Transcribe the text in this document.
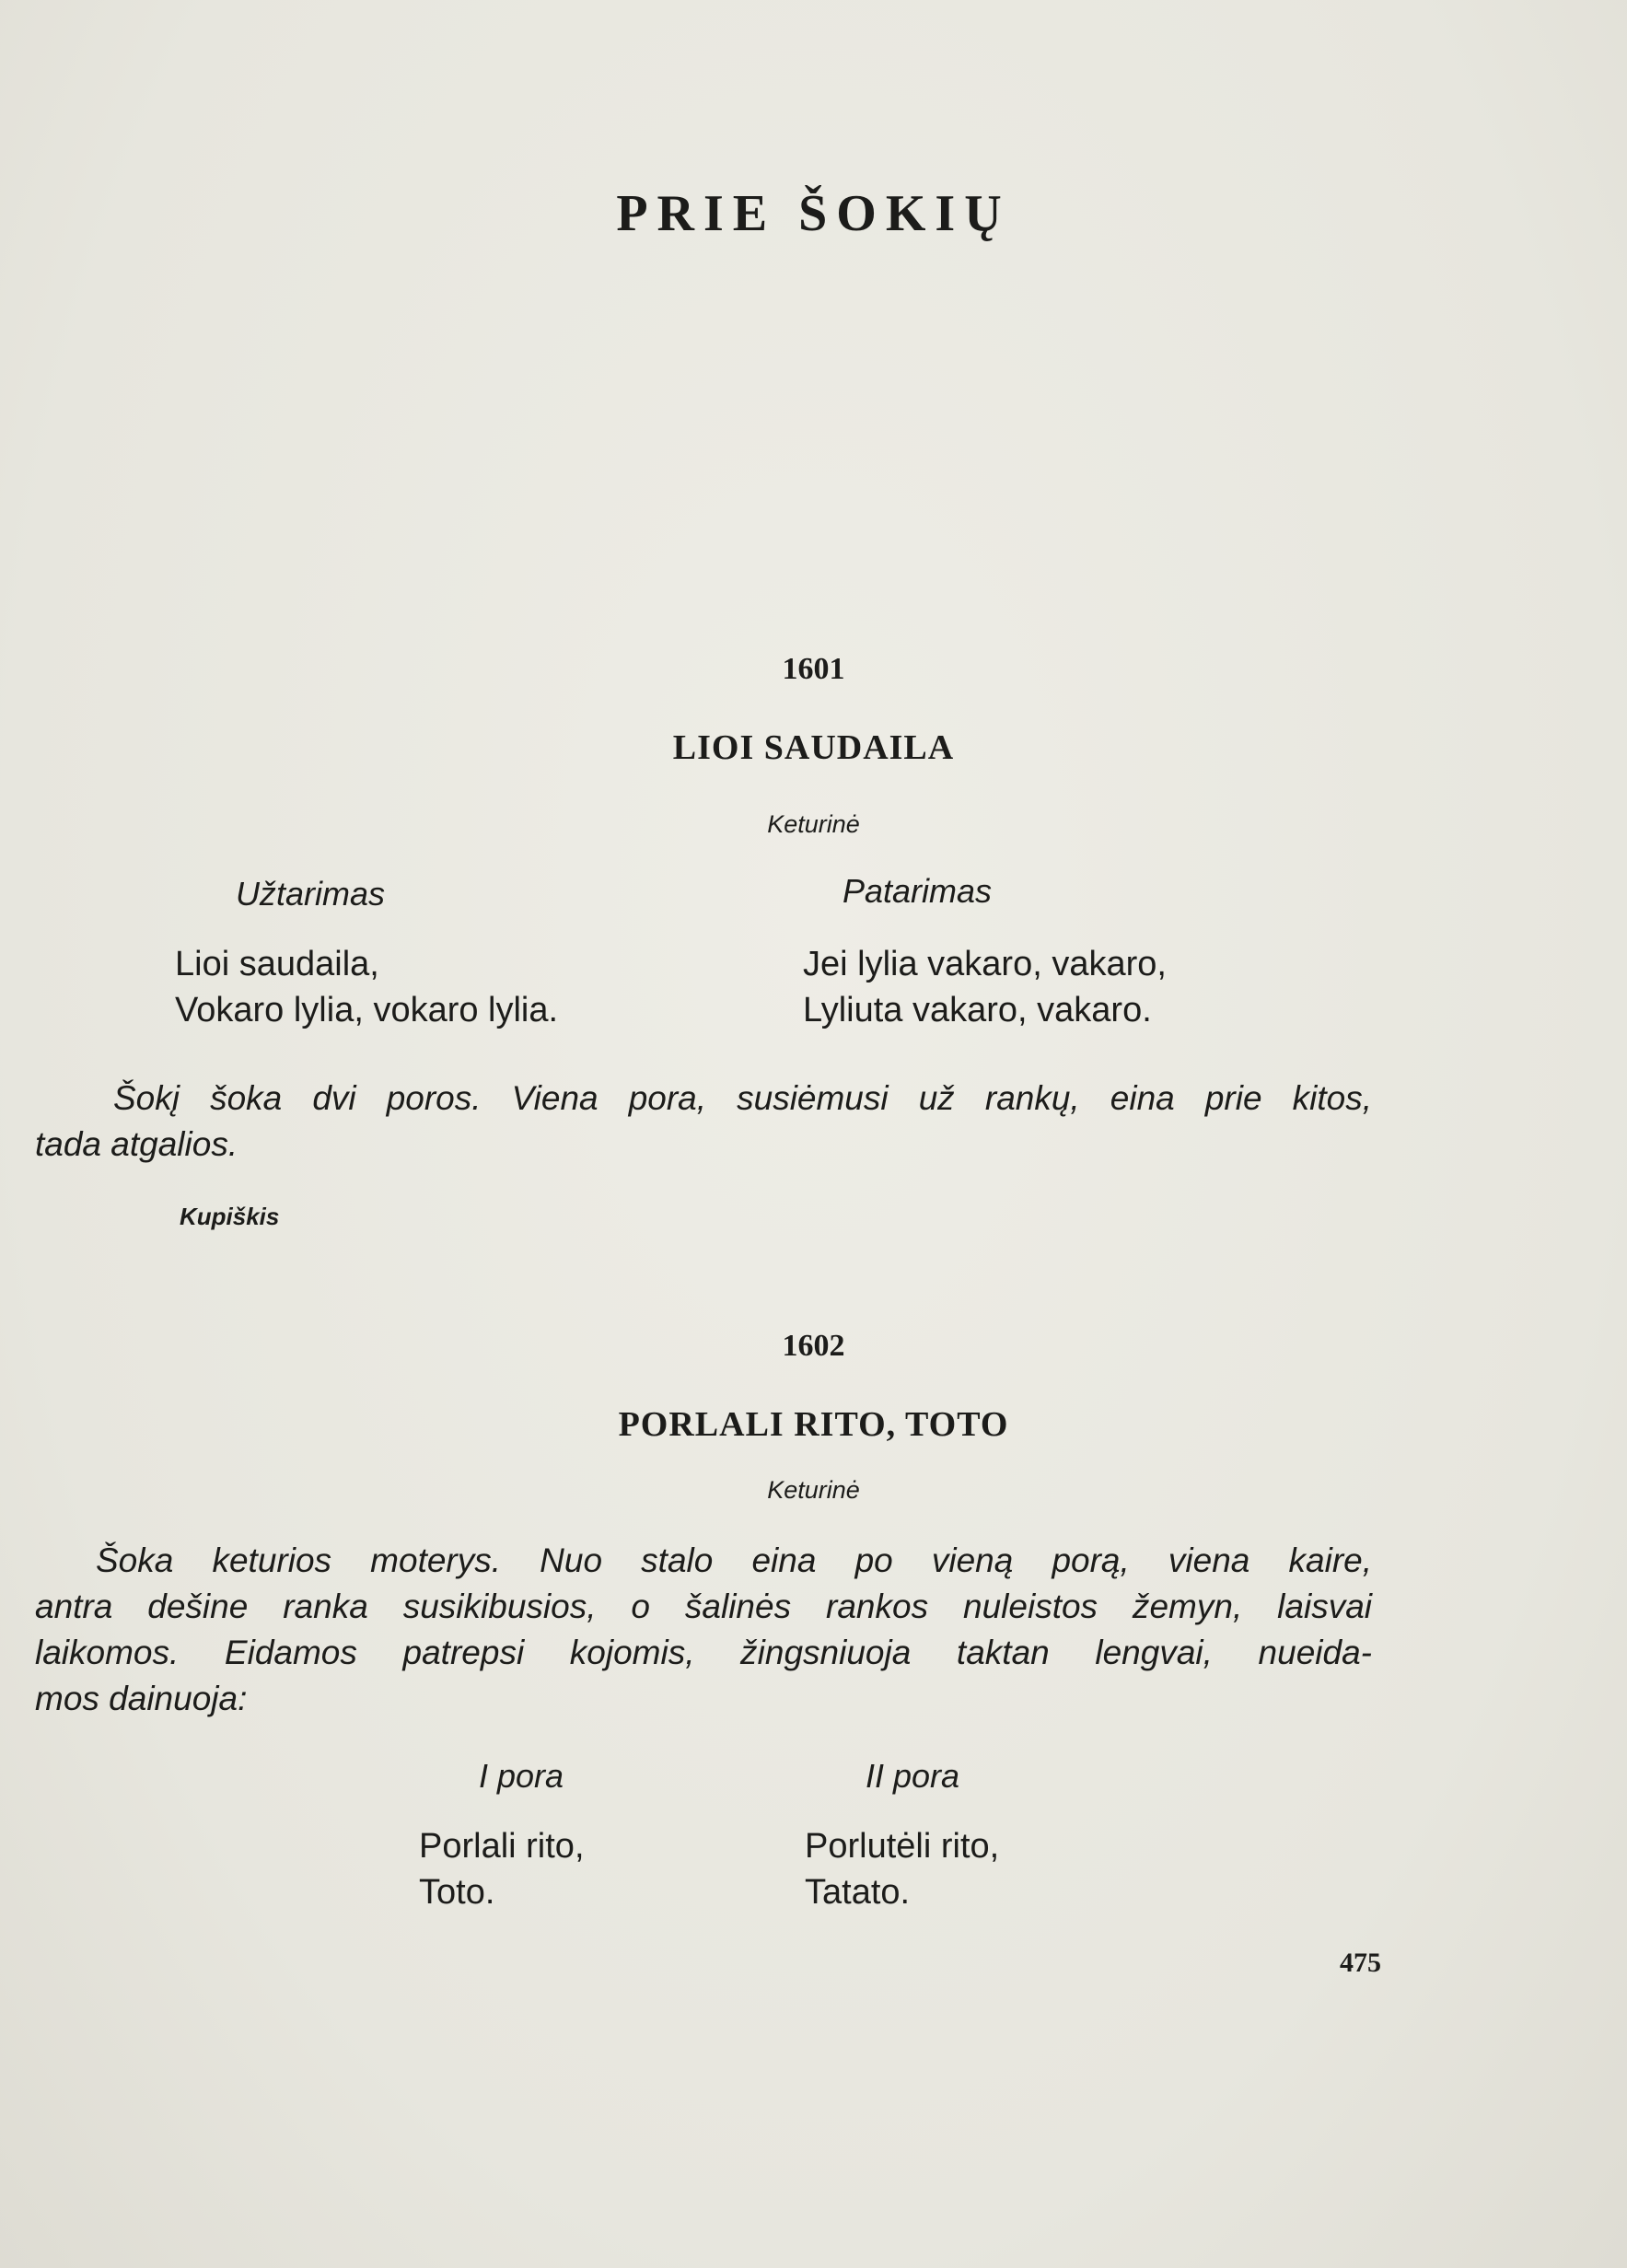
PRIE ŠOKIŲ
1601
LIOI SAUDAILA
Keturinė
Užtarimas	Patarimas
Lioi saudaila,
Vokaro lylia, vokaro lylia.
Jei lylia vakaro, vakaro,
Lyliuta vakaro, vakaro.
Šokį šoka dvi poros. Viena pora, susiėmusi už rankų, eina prie kitos,
tada atgalios.
Kupiškis
1602
PORLALI RITO, TOTO
Keturinė
Šoka keturios moterys. Nuo stalo eina po vieną porą, viena kaire,
antra dešine ranka susikibusios, o šalinės rankos nuleistos žemyn, laisvai
laikomos. Eidamos patrepsi kojomis, žingsniuoja taktan lengvai, nueida-
mos dainuoja:
I pora	II pora
Porlali rito,
Toto.
Porlutėli rito,
Tatato.
475
